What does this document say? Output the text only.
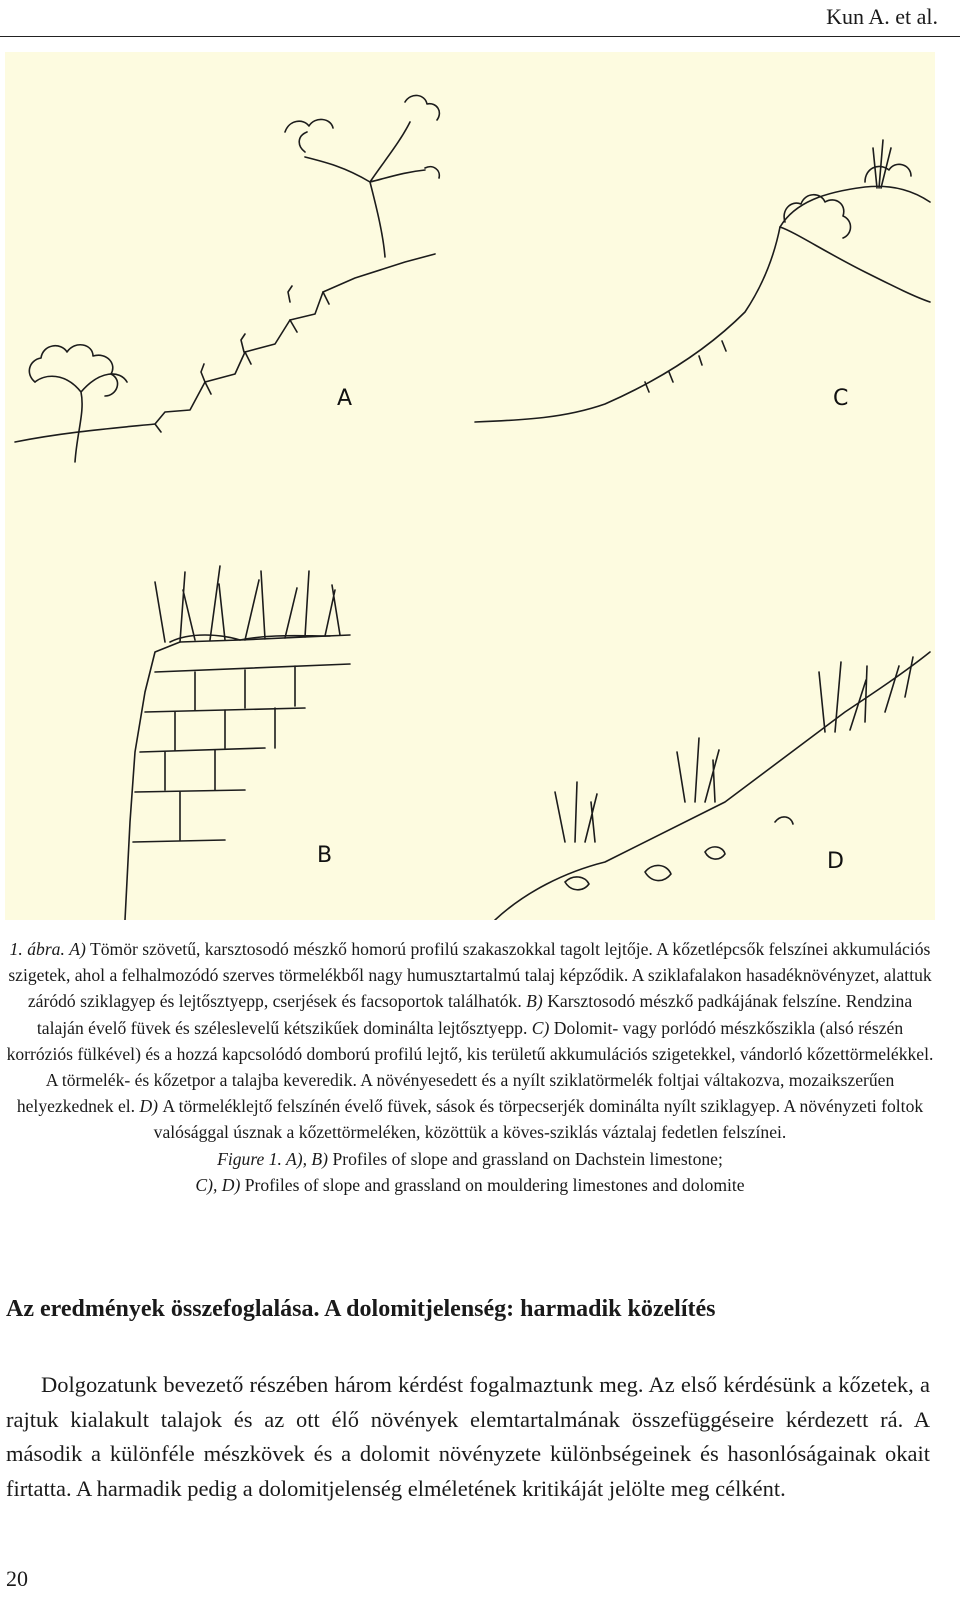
Kun A. et al.
A	C
B	D

1. ábra. A) Tömör szövetű, karsztosodó mészkő homorú profilú szakaszokkal tagolt lejtője. A kőzetlépcsők felszínei akkumulációs szigetek, ahol a felhalmozódó szerves törmelékből nagy humusztartalmú talaj képződik. A sziklafalakon hasadéknövényzet, alattuk záródó sziklagyep és lejtősztyepp, cserjések és facsoportok találhatók. B) Karsztosodó mészkő padkájának felszíne. Rendzina talaján évelő füvek és széleslevelű kétszikűek dominálta lejtősztyepp. C) Dolomit- vagy porlódó mészkősziklа (alsó részén korróziós fülkével) és a hozzá kapcsolódó domború profilú lejtő, kis területű akkumulációs szigetekkel, vándorló kőzettörmelékkel. A törmelék- és kőzetpor a talajba keveredik. A növényesedett és a nyílt sziklatörmelék foltjai váltakozva, mozaikszerűen helyezkednek el. D) A törmeléklejtő felszínén évelő füvek, sások és törpecserjék dominálta nyílt sziklagyep. A növényzeti foltok valósággal úsznak a kőzettörmeléken, közöttük a köves-sziklás váztalaj fedetlen felszínei.

Figure 1. A), B) Profiles of slope and grassland on Dachstein limestone;

C), D) Profiles of slope and grassland on mouldering limestones and dolomite

Az eredmények összefoglalása. A dolomitjelenség: harmadik közelítés

Dolgozatunk bevezető részében három kérdést fogalmaztunk meg. Az első kérdésünk a kőzetek, a rajtuk kialakult talajok és az ott élő növények elemtartalmának összefüggéseire kérdezett rá. A második a különféle mészkövek és a dolomit növényzete különbségeinek és hasonlóságainak okait firtatta. A harmadik pedig a dolomitjelenség elméletének kritikáját jelölte meg célként.

20
